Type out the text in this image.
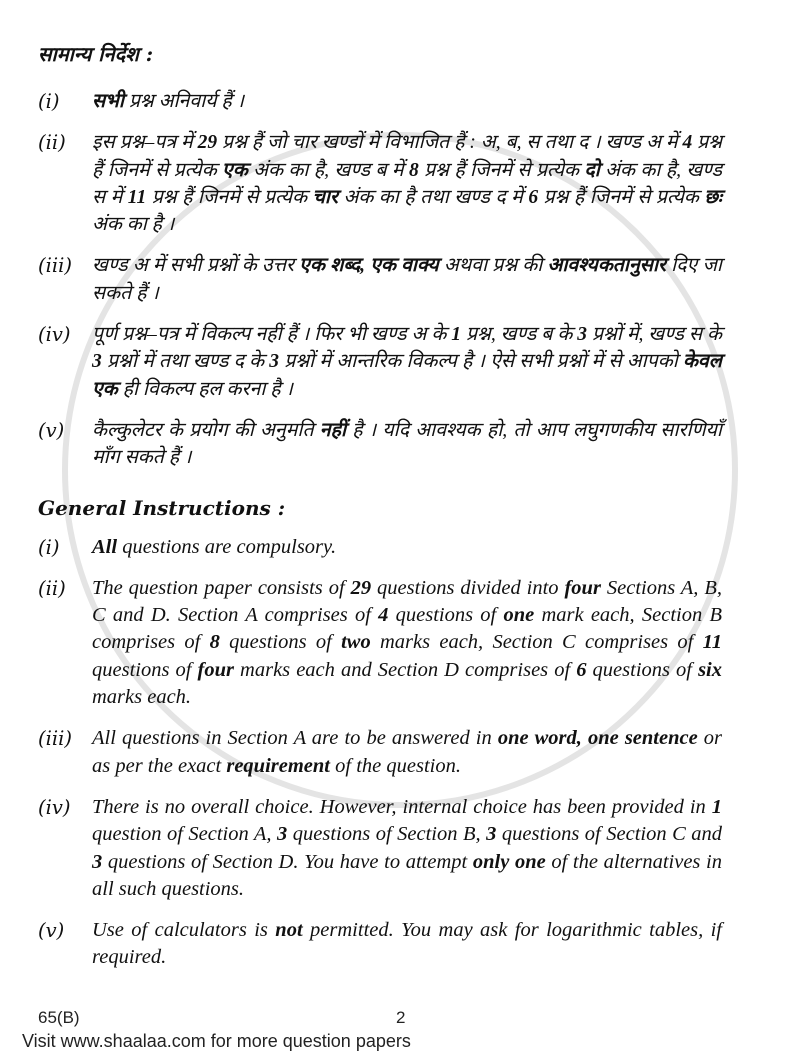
सामान्य निर्देश :
(i) सभी प्रश्न अनिवार्य हैं ।
(ii) इस प्रश्न–पत्र में 29 प्रश्न हैं जो चार खण्डों में विभाजित हैं : अ, ब, स तथा द । खण्ड अ में 4 प्रश्न हैं जिनमें से प्रत्येक एक अंक का है, खण्ड ब में 8 प्रश्न हैं जिनमें से प्रत्येक दो अंक का है, खण्ड स में 11 प्रश्न हैं जिनमें से प्रत्येक चार अंक का है तथा खण्ड द में 6 प्रश्न हैं जिनमें से प्रत्येक छः अंक का है ।
(iii) खण्ड अ में सभी प्रश्नों के उत्तर एक शब्द, एक वाक्य अथवा प्रश्न की आवश्यकतानुसार दिए जा सकते हैं ।
(iv) पूर्ण प्रश्न–पत्र में विकल्प नहीं हैं । फिर भी खण्ड अ के 1 प्रश्न, खण्ड ब के 3 प्रश्नों में, खण्ड स के 3 प्रश्नों में तथा खण्ड द के 3 प्रश्नों में आन्तरिक विकल्प है । ऐसे सभी प्रश्नों में से आपको केवल एक ही विकल्प हल करना है ।
(v) कैल्कुलेटर के प्रयोग की अनुमति नहीं है । यदि आवश्यक हो, तो आप लघुगणकीय सारणियाँ माँग सकते हैं ।
General Instructions :
(i) All questions are compulsory.
(ii) The question paper consists of 29 questions divided into four Sections A, B, C and D. Section A comprises of 4 questions of one mark each, Section B comprises of 8 questions of two marks each, Section C comprises of 11 questions of four marks each and Section D comprises of 6 questions of six marks each.
(iii) All questions in Section A are to be answered in one word, one sentence or as per the exact requirement of the question.
(iv) There is no overall choice. However, internal choice has been provided in 1 question of Section A, 3 questions of Section B, 3 questions of Section C and 3 questions of Section D. You have to attempt only one of the alternatives in all such questions.
(v) Use of calculators is not permitted. You may ask for logarithmic tables, if required.
65(B)	2
Visit www.shaalaa.com for more question papers
